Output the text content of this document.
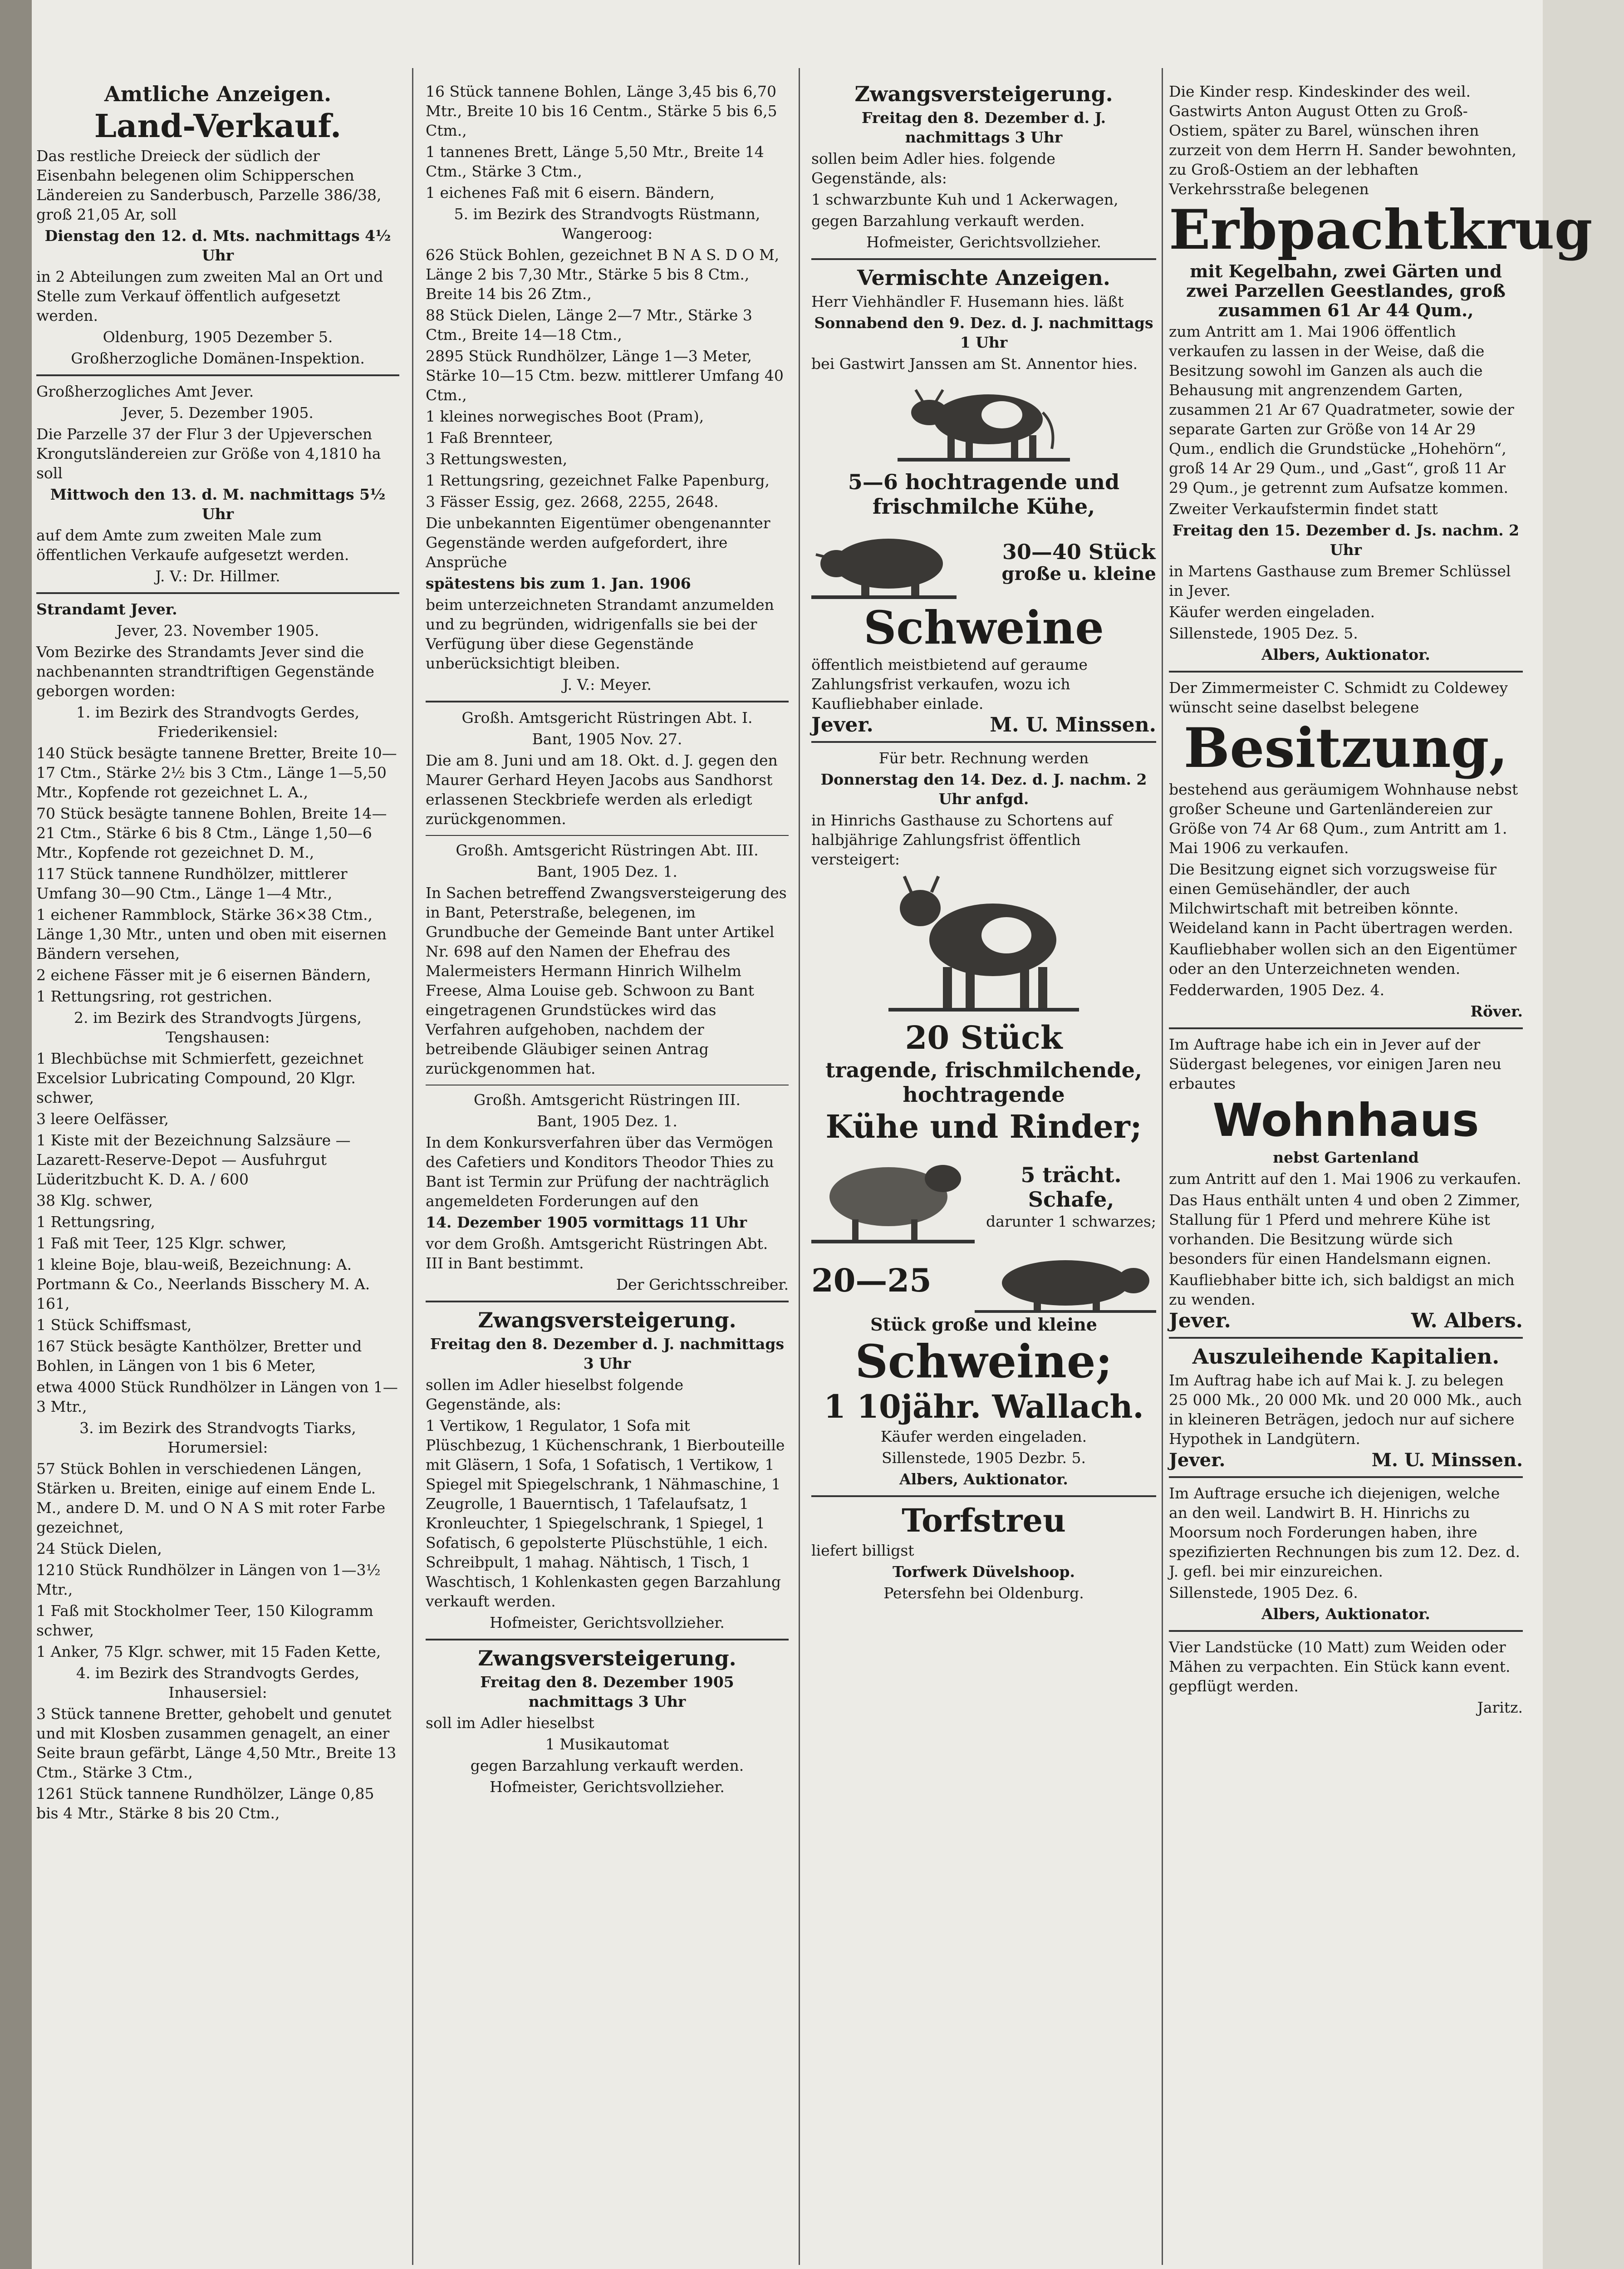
Amtliche Anzeigen.

Land-Verkauf.

Das restliche Dreieck der südlich der Eisenbahn belegenen olim Schipperschen Ländereien zu Sanderbusch, Parzelle 386/38, groß 21,05 Ar, soll

Dienstag den 12. d. Mts. nachmittags 4½ Uhr

in 2 Abteilungen zum zweiten Mal an Ort und Stelle zum Verkauf öffentlich aufgesetzt werden.

Oldenburg, 1905 Dezember 5.

Großherzogliche Domänen-Inspektion.

Großherzogliches Amt Jever.

Jever, 5. Dezember 1905.

Die Parzelle 37 der Flur 3 der Upjeverschen Krongutsländereien zur Größe von 4,1810 ha soll

Mittwoch den 13. d. M. nachmittags 5½ Uhr

auf dem Amte zum zweiten Male zum öffentlichen Verkaufe aufgesetzt werden.

J. V.: Dr. Hillmer.

Strandamt Jever.

Jever, 23. November 1905.

Vom Bezirke des Strandamts Jever sind die nachbenannten strandtriftigen Gegenstände geborgen worden:

1. im Bezirk des Strandvogts Gerdes, Friederikensiel:

140 Stück besägte tannene Bretter, Breite 10—17 Ctm., Stärke 2½ bis 3 Ctm., Länge 1—5,50 Mtr., Kopfende rot gezeichnet L. A.,

70 Stück besägte tannene Bohlen, Breite 14—21 Ctm., Stärke 6 bis 8 Ctm., Länge 1,50—6 Mtr., Kopfende rot gezeichnet D. M.,

117 Stück tannene Rundhölzer, mittlerer Umfang 30—90 Ctm., Länge 1—4 Mtr.,

1 eichener Rammblock, Stärke 36×38 Ctm., Länge 1,30 Mtr., unten und oben mit eisernen Bändern versehen,

2 eichene Fässer mit je 6 eisernen Bändern,

1 Rettungsring, rot gestrichen.

2. im Bezirk des Strandvogts Jürgens, Tengshausen:

1 Blechbüchse mit Schmierfett, gezeichnet Excelsior Lubricating Compound, 20 Klgr. schwer,

3 leere Oelfässer,

1 Kiste mit der Bezeichnung Salzsäure — Lazarett-Reserve-Depot — Ausfuhrgut Lüderitzbucht K. D. A. / 600

38 Klg. schwer,

1 Rettungsring,

1 Faß mit Teer, 125 Klgr. schwer,

1 kleine Boje, blau-weiß, Bezeichnung: A. Portmann & Co., Neerlands Bisschery M. A. 161,

1 Stück Schiffsmast,

167 Stück besägte Kanthölzer, Bretter und Bohlen, in Längen von 1 bis 6 Meter,

etwa 4000 Stück Rundhölzer in Längen von 1—3 Mtr.,

3. im Bezirk des Strandvogts Tiarks, Horumersiel:

57 Stück Bohlen in verschiedenen Längen, Stärken u. Breiten, einige auf einem Ende L. M., andere D. M. und O N A S mit roter Farbe gezeichnet,

24 Stück Dielen,

1210 Stück Rundhölzer in Längen von 1—3½ Mtr.,

1 Faß mit Stockholmer Teer, 150 Kilogramm schwer,

1 Anker, 75 Klgr. schwer, mit 15 Faden Kette,

4. im Bezirk des Strandvogts Gerdes, Inhausersiel:

3 Stück tannene Bretter, gehobelt und genutet und mit Klosben zusammen genagelt, an einer Seite braun gefärbt, Länge 4,50 Mtr., Breite 13 Ctm., Stärke 3 Ctm.,

1261 Stück tannene Rundhölzer, Länge 0,85 bis 4 Mtr., Stärke 8 bis 20 Ctm.,

16 Stück tannene Bohlen, Länge 3,45 bis 6,70 Mtr., Breite 10 bis 16 Centm., Stärke 5 bis 6,5 Ctm.,

1 tannenes Brett, Länge 5,50 Mtr., Breite 14 Ctm., Stärke 3 Ctm.,

1 eichenes Faß mit 6 eisern. Bändern,

5. im Bezirk des Strandvogts Rüstmann, Wangeroog:

626 Stück Bohlen, gezeichnet B N A S. D O M, Länge 2 bis 7,30 Mtr., Stärke 5 bis 8 Ctm., Breite 14 bis 26 Ztm.,

88 Stück Dielen, Länge 2—7 Mtr., Stärke 3 Ctm., Breite 14—18 Ctm.,

2895 Stück Rundhölzer, Länge 1—3 Meter, Stärke 10—15 Ctm. bezw. mittlerer Umfang 40 Ctm.,

1 kleines norwegisches Boot (Pram),

1 Faß Brennteer,

3 Rettungswesten,

1 Rettungsring, gezeichnet Falke Papenburg,

3 Fässer Essig, gez. 2668, 2255, 2648.

Die unbekannten Eigentümer obengenannter Gegenstände werden aufgefordert, ihre Ansprüche

spätestens bis zum 1. Jan. 1906

beim unterzeichneten Strandamt anzumelden und zu begründen, widrigenfalls sie bei der Verfügung über diese Gegenstände unberücksichtigt bleiben.

J. V.: Meyer.

Großh. Amtsgericht Rüstringen Abt. I.

Bant, 1905 Nov. 27.

Die am 8. Juni und am 18. Okt. d. J. gegen den Maurer Gerhard Heyen Jacobs aus Sandhorst erlassenen Steckbriefe werden als erledigt zurückgenommen.

Großh. Amtsgericht Rüstringen Abt. III.

Bant, 1905 Dez. 1.

In Sachen betreffend Zwangsversteigerung des in Bant, Peterstraße, belegenen, im Grundbuche der Gemeinde Bant unter Artikel Nr. 698 auf den Namen der Ehefrau des Malermeisters Hermann Hinrich Wilhelm Freese, Alma Louise geb. Schwoon zu Bant eingetragenen Grundstückes wird das Verfahren aufgehoben, nachdem der betreibende Gläubiger seinen Antrag zurückgenommen hat.

Großh. Amtsgericht Rüstringen III.

Bant, 1905 Dez. 1.

In dem Konkursverfahren über das Vermögen des Cafetiers und Konditors Theodor Thies zu Bant ist Termin zur Prüfung der nachträglich angemeldeten Forderungen auf den

14. Dezember 1905 vormittags 11 Uhr

vor dem Großh. Amtsgericht Rüstringen Abt. III in Bant bestimmt.

Der Gerichtsschreiber.

Zwangsversteigerung.

Freitag den 8. Dezember d. J. nachmittags 3 Uhr

sollen im Adler hieselbst folgende Gegenstände, als:

1 Vertikow, 1 Regulator, 1 Sofa mit Plüschbezug, 1 Küchenschrank, 1 Bierbouteille mit Gläsern, 1 Sofa, 1 Sofatisch, 1 Vertikow, 1 Spiegel mit Spiegelschrank, 1 Nähmaschine, 1 Zeugrolle, 1 Bauerntisch, 1 Tafelaufsatz, 1 Kronleuchter, 1 Spiegelschrank, 1 Spiegel, 1 Sofatisch, 6 gepolsterte Plüschstühle, 1 eich. Schreibpult, 1 mahag. Nähtisch, 1 Tisch, 1 Waschtisch, 1 Kohlenkasten gegen Barzahlung verkauft werden.

Hofmeister, Gerichtsvollzieher.

Zwangsversteigerung.

Freitag den 8. Dezember 1905 nachmittags 3 Uhr

soll im Adler hieselbst

1 Musikautomat

gegen Barzahlung verkauft werden.

Hofmeister, Gerichtsvollzieher.

Zwangsversteigerung.

Freitag den 8. Dezember d. J. nachmittags 3 Uhr

sollen beim Adler hies. folgende Gegenstände, als:

1 schwarzbunte Kuh und 1 Ackerwagen,

gegen Barzahlung verkauft werden.

Hofmeister, Gerichtsvollzieher.

Vermischte Anzeigen.

Herr Viehhändler F. Husemann hies. läßt

Sonnabend den 9. Dez. d. J. nachmittags 1 Uhr

bei Gastwirt Janssen am St. Annentor hies.

5—6 hochtragende und frischmilche Kühe,

30—40 Stück

große u. kleine

Schweine

öffentlich meistbietend auf geraume Zahlungsfrist verkaufen, wozu ich Kaufliebhaber einlade.

Jever.	M. U. Minssen.

Für betr. Rechnung werden

Donnerstag den 14. Dez. d. J. nachm. 2 Uhr anfgd.

in Hinrichs Gasthause zu Schortens auf halbjährige Zahlungsfrist öffentlich versteigert:

20 Stück

tragende, frischmilchende, hochtragende

Kühe und Rinder;

5 trächt.

Schafe,

darunter 1 schwarzes;

20—25

Stück große und kleine

Schweine;

1 10jähr. Wallach.

Käufer werden eingeladen.

Sillenstede, 1905 Dezbr. 5.

Albers, Auktionator.

Torfstreu

liefert billigst

Torfwerk Düvelshoop.

Petersfehn bei Oldenburg.

Die Kinder resp. Kindeskinder des weil. Gastwirts Anton August Otten zu Groß-Ostiem, später zu Barel, wünschen ihren zurzeit von dem Herrn H. Sander bewohnten, zu Groß-Ostiem an der lebhaften Verkehrsstraße belegenen

Erbpachtkrug

mit Kegelbahn, zwei Gärten und zwei Parzellen Geestlandes, groß zusammen 61 Ar 44 Qum.,

zum Antritt am 1. Mai 1906 öffentlich verkaufen zu lassen in der Weise, daß die Besitzung sowohl im Ganzen als auch die Behausung mit angrenzendem Garten, zusammen 21 Ar 67 Quadratmeter, sowie der separate Garten zur Größe von 14 Ar 29 Qum., endlich die Grundstücke „Hohehörn“, groß 14 Ar 29 Qum., und „Gast“, groß 11 Ar 29 Qum., je getrennt zum Aufsatze kommen.

Zweiter Verkaufstermin findet statt

Freitag den 15. Dezember d. Js. nachm. 2 Uhr

in Martens Gasthause zum Bremer Schlüssel in Jever.

Käufer werden eingeladen.

Sillenstede, 1905 Dez. 5.

Albers, Auktionator.

Der Zimmermeister C. Schmidt zu Coldewey wünscht seine daselbst belegene

Besitzung,

bestehend aus geräumigem Wohnhause nebst großer Scheune und Gartenländereien zur Größe von 74 Ar 68 Qum., zum Antritt am 1. Mai 1906 zu verkaufen.

Die Besitzung eignet sich vorzugsweise für einen Gemüsehändler, der auch Milchwirtschaft mit betreiben könnte. Weideland kann in Pacht übertragen werden.

Kaufliebhaber wollen sich an den Eigentümer oder an den Unterzeichneten wenden.

Fedderwarden, 1905 Dez. 4.

Röver.

Im Auftrage habe ich ein in Jever auf der Südergast belegenes, vor einigen Jaren neu erbautes

Wohnhaus

nebst Gartenland

zum Antritt auf den 1. Mai 1906 zu verkaufen.

Das Haus enthält unten 4 und oben 2 Zimmer, Stallung für 1 Pferd und mehrere Kühe ist vorhanden. Die Besitzung würde sich besonders für einen Handelsmann eignen.

Kaufliebhaber bitte ich, sich baldigst an mich zu wenden.

Jever.	W. Albers.

Auszuleihende Kapitalien.

Im Auftrag habe ich auf Mai k. J. zu belegen 25 000 Mk., 20 000 Mk. und 20 000 Mk., auch in kleineren Beträgen, jedoch nur auf sichere Hypothek in Landgütern.

Jever.	M. U. Minssen.

Im Auftrage ersuche ich diejenigen, welche an den weil. Landwirt B. H. Hinrichs zu Moorsum noch Forderungen haben, ihre spezifizierten Rechnungen bis zum 12. Dez. d. J. gefl. bei mir einzureichen.

Sillenstede, 1905 Dez. 6.

Albers, Auktionator.

Vier Landstücke (10 Matt) zum Weiden oder Mähen zu verpachten. Ein Stück kann event. gepflügt werden.

Jaritz.
